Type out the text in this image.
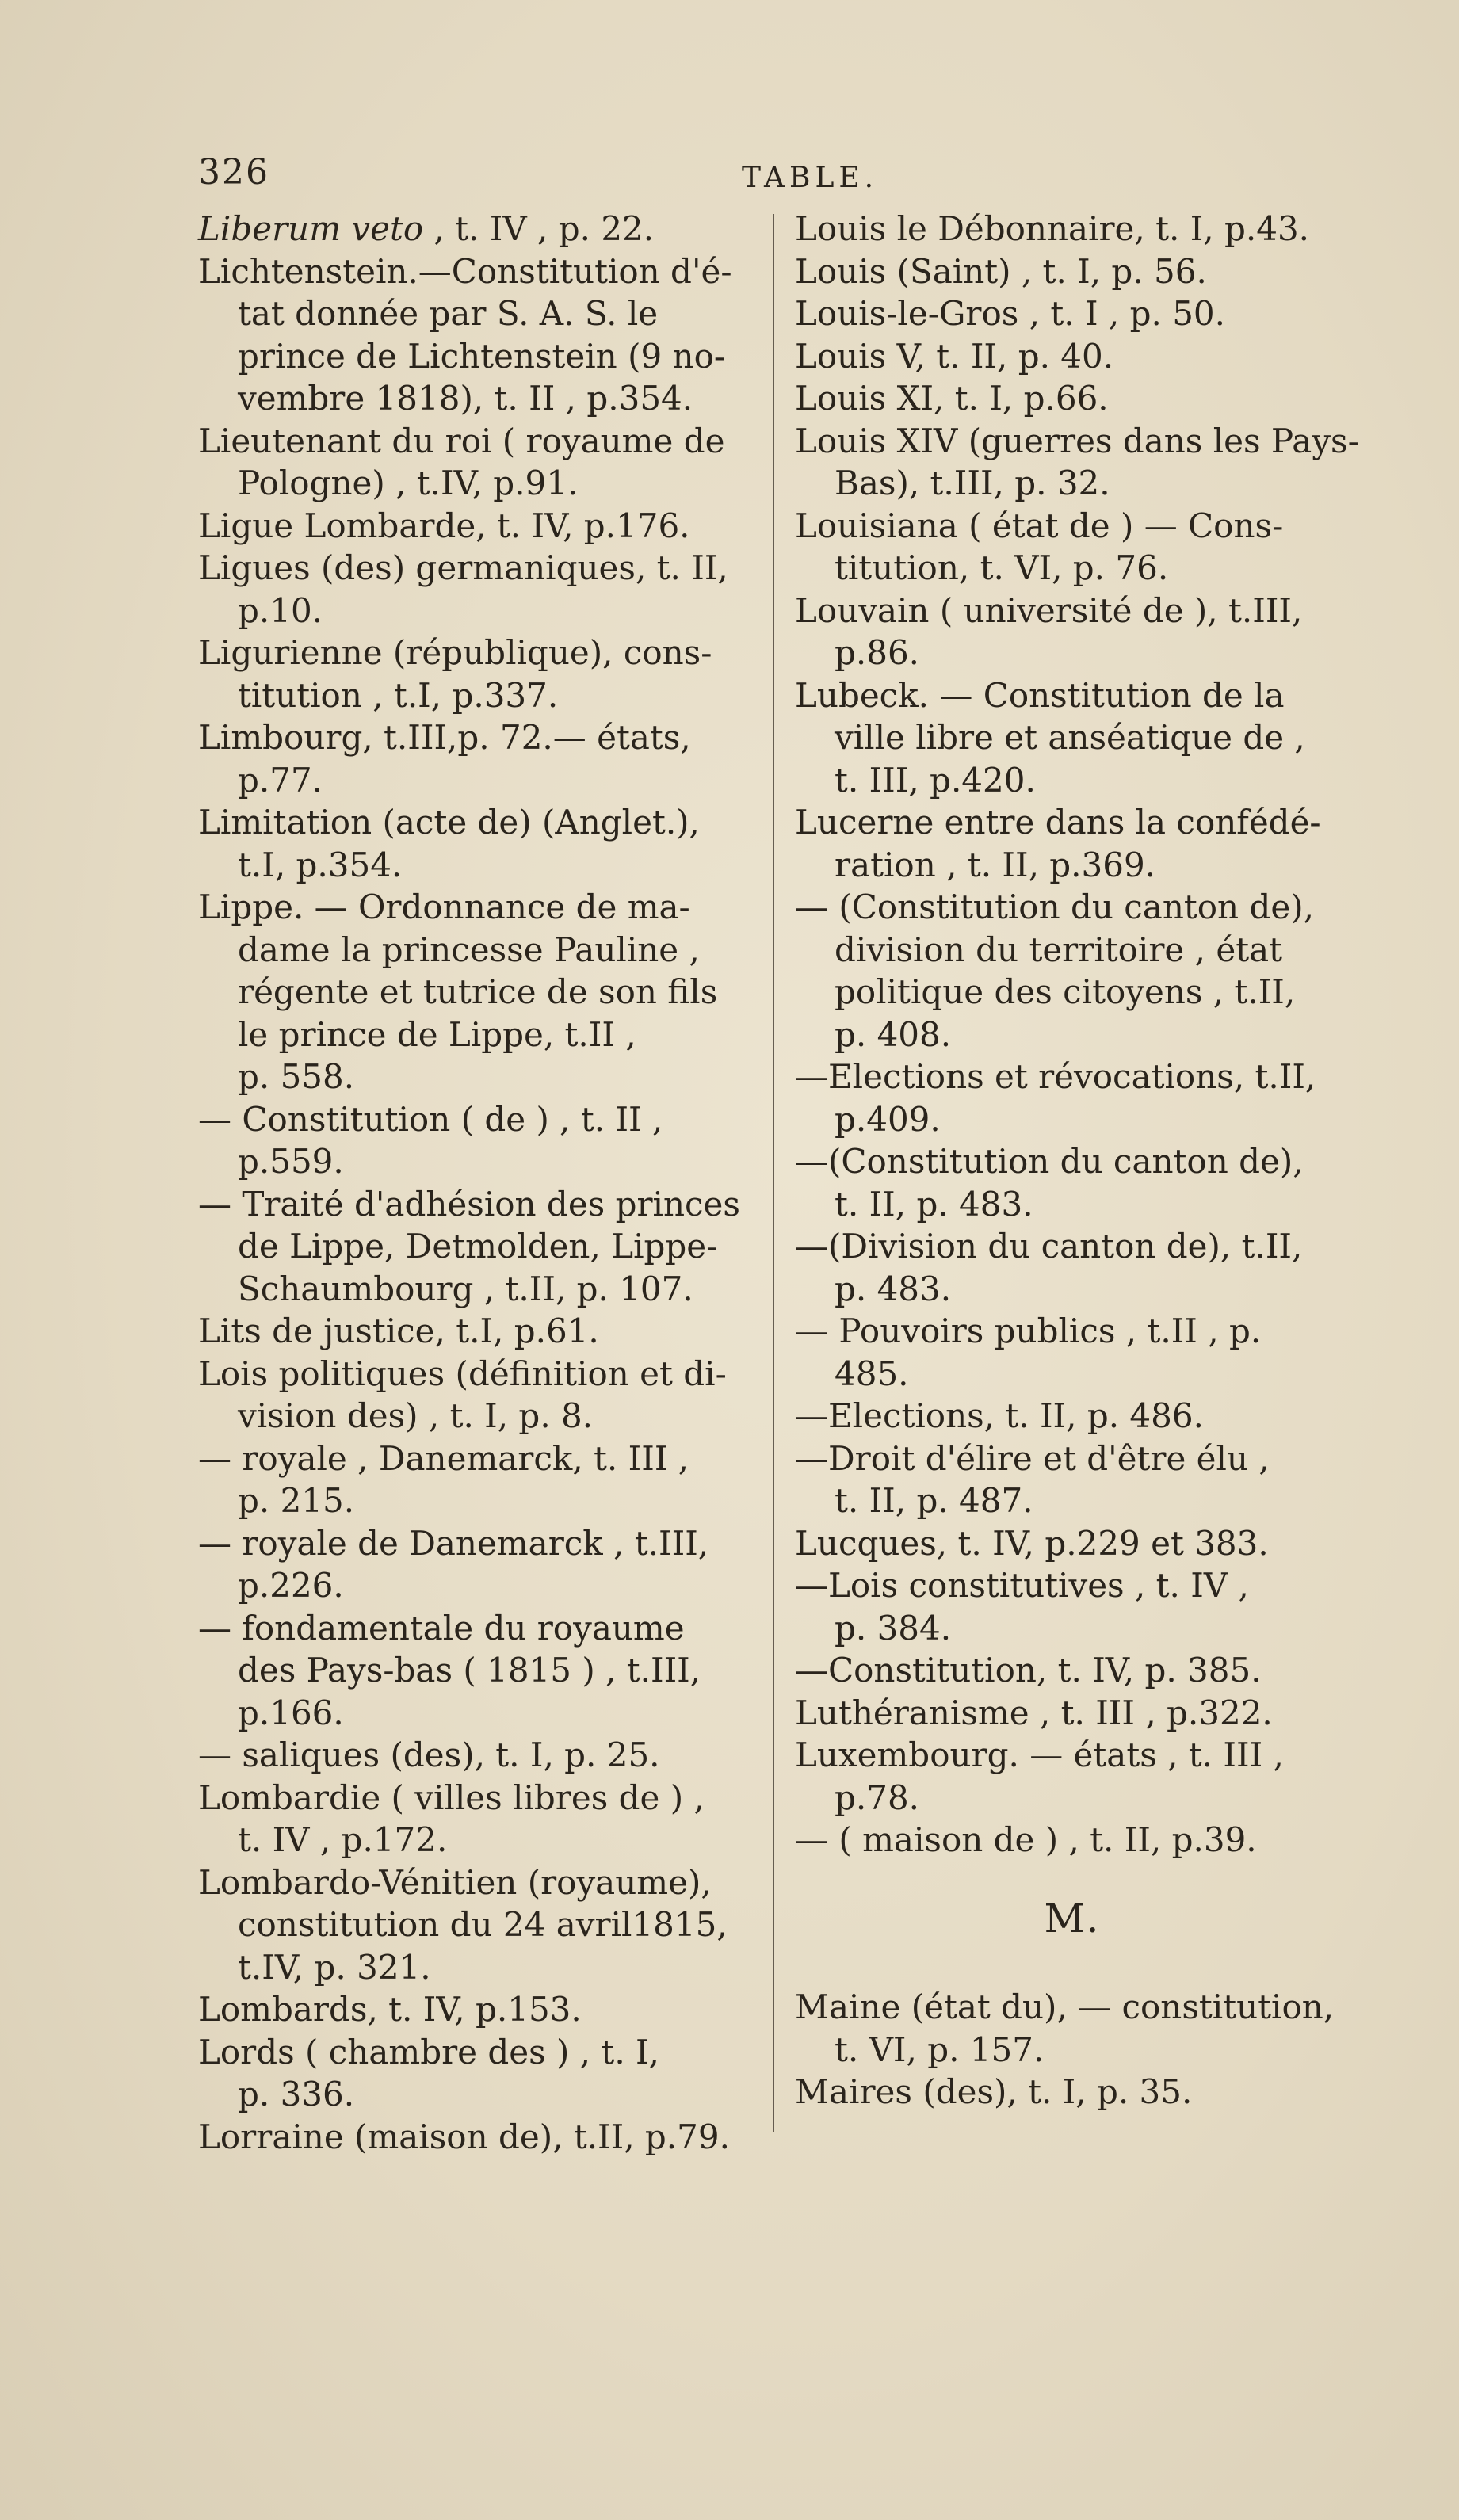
326	TABLE.
Liberum veto , t. IV , p. 22.
Lichtenstein.—Constitution d'é-
tat donnée par S. A. S. le
prince de Lichtenstein (9 no-
vembre 1818), t. II , p.354.
Lieutenant du roi ( royaume de
Pologne) , t.IV, p.91.
Ligue Lombarde, t. IV, p.176.
Ligues (des) germaniques, t. II,
p.10.
Ligurienne (république), cons-
titution , t.I, p.337.
Limbourg, t.III,p. 72.— états,
p.77.
Limitation (acte de) (Anglet.),
t.I, p.354.
Lippe. — Ordonnance de ma-
dame la princesse Pauline ,
régente et tutrice de son fils
le prince de Lippe, t.II ,
p. 558.
— Constitution ( de ) , t. II ,
p.559.
— Traité d'adhésion des princes
de Lippe, Detmolden, Lippe-
Schaumbourg , t.II, p. 107.
Lits de justice, t.I, p.61.
Lois politiques (définition et di-
vision des) , t. I, p. 8.
— royale , Danemarck, t. III ,
p. 215.
— royale de Danemarck , t.III,
p.226.
— fondamentale du royaume
des Pays-bas ( 1815 ) , t.III,
p.166.
— saliques (des), t. I, p. 25.
Lombardie ( villes libres de ) ,
t. IV , p.172.
Lombardo-Vénitien (royaume),
constitution du 24 avril1815,
t.IV, p. 321.
Lombards, t. IV, p.153.
Lords ( chambre des ) , t. I,
p. 336.
Lorraine (maison de), t.II, p.79.
Louis le Débonnaire, t. I, p.43.
Louis (Saint) , t. I, p. 56.
Louis-le-Gros , t. I , p. 50.
Louis V, t. II, p. 40.
Louis XI, t. I, p.66.
Louis XIV (guerres dans les Pays-
Bas), t.III, p. 32.
Louisiana ( état de ) — Cons-
titution, t. VI, p. 76.
Louvain ( université de ), t.III,
p.86.
Lubeck. — Constitution de la
ville libre et anséatique de ,
t. III, p.420.
Lucerne entre dans la confédé-
ration , t. II, p.369.
— (Constitution du canton de),
division du territoire , état
politique des citoyens , t.II,
p. 408.
—Elections et révocations, t.II,
p.409.
—(Constitution du canton de),
t. II, p. 483.
—(Division du canton de), t.II,
p. 483.
— Pouvoirs publics , t.II , p.
485.
—Elections, t. II, p. 486.
—Droit d'élire et d'être élu ,
t. II, p. 487.
Lucques, t. IV, p.229 et 383.
—Lois constitutives , t. IV ,
p. 384.
—Constitution, t. IV, p. 385.
Luthéranisme , t. III , p.322.
Luxembourg. — états , t. III ,
p.78.
— ( maison de ) , t. II, p.39.
M.
Maine (état du), — constitution,
t. VI, p. 157.
Maires (des), t. I, p. 35.
